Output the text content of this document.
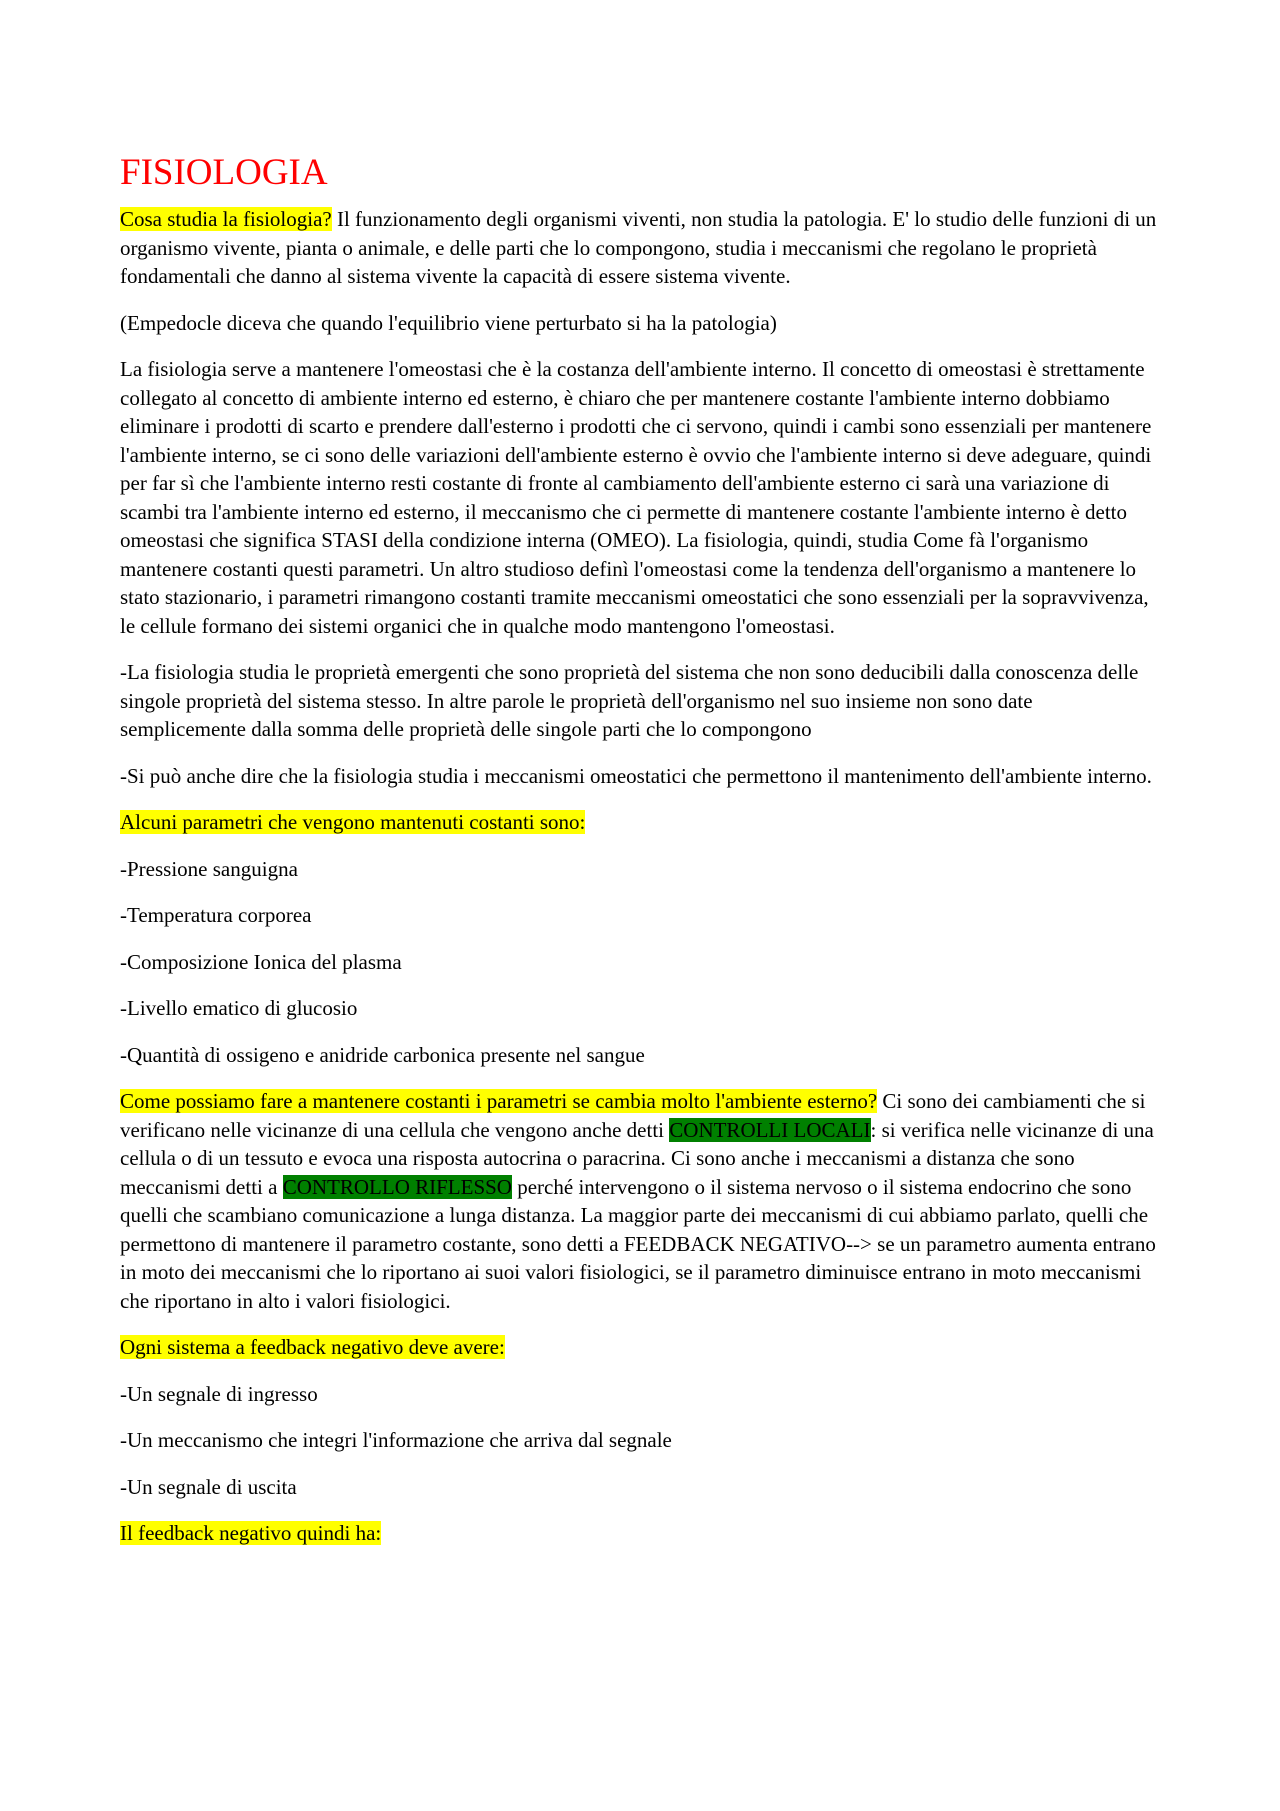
FISIOLOGIA

Cosa studia la fisiologia? Il funzionamento degli organismi viventi, non studia la patologia. E' lo studio delle funzioni di un organismo vivente, pianta o animale, e delle parti che lo compongono, studia i meccanismi che regolano le proprietà fondamentali che danno al sistema vivente la capacità di essere sistema vivente.

(Empedocle diceva che quando l'equilibrio viene perturbato si ha la patologia)

La fisiologia serve a mantenere l'omeostasi che è la costanza dell'ambiente interno. Il concetto di omeostasi è strettamente collegato al concetto di ambiente interno ed esterno, è chiaro che per mantenere costante l'ambiente interno dobbiamo eliminare i prodotti di scarto e prendere dall'esterno i prodotti che ci servono, quindi i cambi sono essenziali per mantenere l'ambiente interno, se ci sono delle variazioni dell'ambiente esterno è ovvio che l'ambiente interno si deve adeguare, quindi per far sì che l'ambiente interno resti costante di fronte al cambiamento dell'ambiente esterno ci sarà una variazione di scambi tra l'ambiente interno ed esterno, il meccanismo che ci permette di mantenere costante l'ambiente interno è detto omeostasi che significa STASI della condizione interna (OMEO). La fisiologia, quindi, studia Come fà l'organismo mantenere costanti questi parametri. Un altro studioso definì l'omeostasi come la tendenza dell'organismo a mantenere lo stato stazionario, i parametri rimangono costanti tramite meccanismi omeostatici che sono essenziali per la sopravvivenza, le cellule formano dei sistemi organici che in qualche modo mantengono l'omeostasi.

-La fisiologia studia le proprietà emergenti che sono proprietà del sistema che non sono deducibili dalla conoscenza delle singole proprietà del sistema stesso. In altre parole le proprietà dell'organismo nel suo insieme non sono date semplicemente dalla somma delle proprietà delle singole parti che lo compongono

-Si può anche dire che la fisiologia studia i meccanismi omeostatici che permettono il mantenimento dell'ambiente interno.

Alcuni parametri che vengono mantenuti costanti sono:

-Pressione sanguigna

-Temperatura corporea

-Composizione Ionica del plasma

-Livello ematico di glucosio

-Quantità di ossigeno e anidride carbonica presente nel sangue

Come possiamo fare a mantenere costanti i parametri se cambia molto l'ambiente esterno? Ci sono dei cambiamenti che si verificano nelle vicinanze di una cellula che vengono anche detti CONTROLLI LOCALI: si verifica nelle vicinanze di una cellula o di un tessuto e evoca una risposta autocrina o paracrina. Ci sono anche i meccanismi a distanza che sono meccanismi detti a CONTROLLO RIFLESSO perché intervengono o il sistema nervoso o il sistema endocrino che sono quelli che scambiano comunicazione a lunga distanza. La maggior parte dei meccanismi di cui abbiamo parlato, quelli che permettono di mantenere il parametro costante, sono detti a FEEDBACK NEGATIVO--> se un parametro aumenta entrano in moto dei meccanismi che lo riportano ai suoi valori fisiologici, se il parametro diminuisce entrano in moto meccanismi che riportano in alto i valori fisiologici.

Ogni sistema a feedback negativo deve avere:

-Un segnale di ingresso

-Un meccanismo che integri l'informazione che arriva dal segnale

-Un segnale di uscita

Il feedback negativo quindi ha:
